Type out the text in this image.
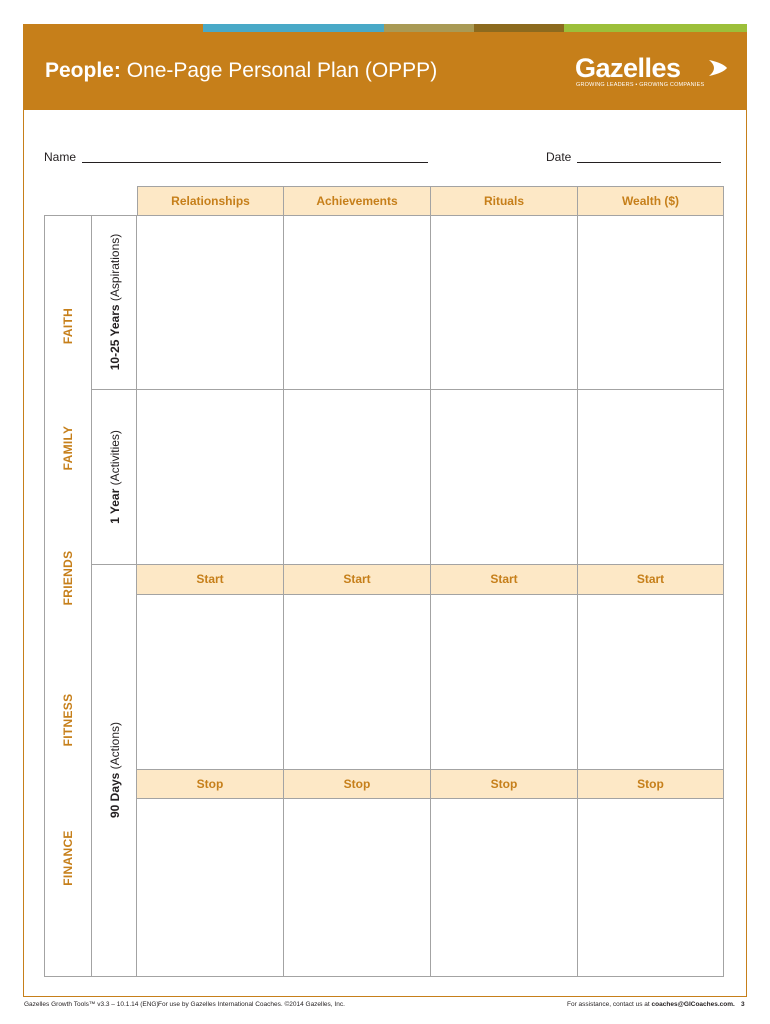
People: One-Page Personal Plan (OPPP)	Gazelles
GROWING LEADERS • GROWING COMPANIES
Name	Date
Relationships	Achievements	Rituals	Wealth ($)
FAITH
FAMILY
FRIENDS
FITNESS
FINANCE
10-25 Years (Aspirations)
1 Year (Activities)
90 Days (Actions)
Start	Start	Start	Start
Stop	Stop	Stop	Stop
Gazelles Growth Tools™ v3.3 – 10.1.14 (ENG) For use by Gazelles International Coaches. ©2014 Gazelles, Inc.	For assistance, contact us at coaches@GICoaches.com. 3
